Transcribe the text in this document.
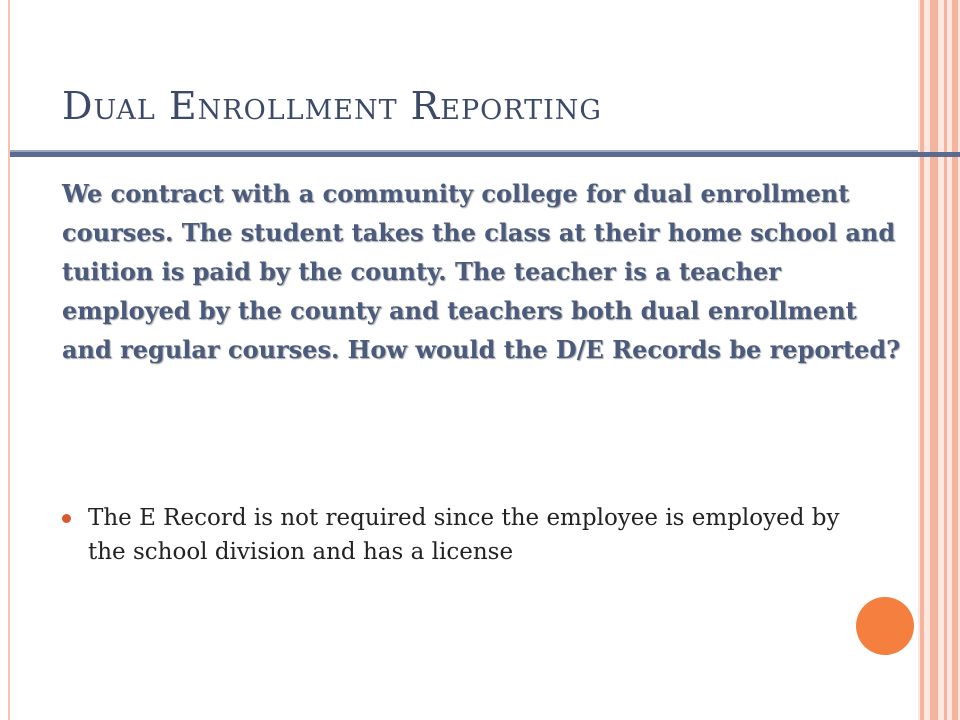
Dual Enrollment Reporting

We contract with a community college for dual enrollment courses. The student takes the class at their home school and tuition is paid by the county. The teacher is a teacher employed by the county and teachers both dual enrollment and regular courses. How would the D/E Records be reported?

The E Record is not required since the employee is employed by the school division and has a license
